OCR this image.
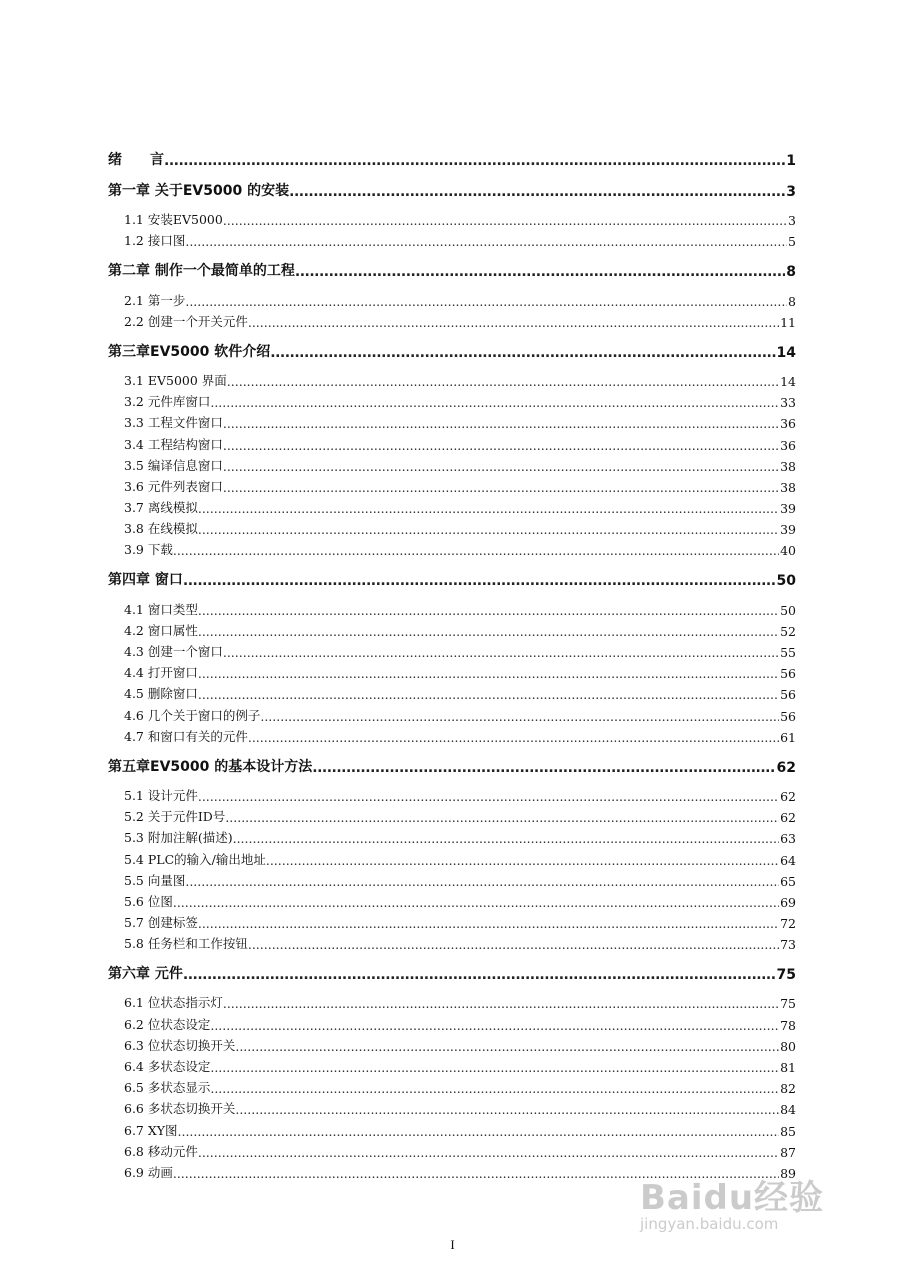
绪　　言 .....	1
第一章 关于EV5000 的安装 .....	3
1.1 安装EV5000 .....	3
1.2 接口图 .....	5
第二章 制作一个最简单的工程 .....	8
2.1 第一步 .....	8
2.2 创建一个开关元件 .....	11
第三章EV5000 软件介绍 .....	14
3.1 EV5000 界面 .....	14
3.2 元件库窗口 .....	33
3.3 工程文件窗口 .....	36
3.4 工程结构窗口 .....	36
3.5 编译信息窗口 .....	38
3.6 元件列表窗口 .....	38
3.7 离线模拟 .....	39
3.8 在线模拟 .....	39
3.9 下载 .....	40
第四章 窗口 .....	50
4.1 窗口类型 .....	50
4.2 窗口属性 .....	52
4.3 创建一个窗口 .....	55
4.4 打开窗口 .....	56
4.5 删除窗口 .....	56
4.6 几个关于窗口的例子 .....	56
4.7 和窗口有关的元件 .....	61
第五章EV5000 的基本设计方法 .....	62
5.1 设计元件 .....	62
5.2 关于元件ID号 .....	62
5.3 附加注解(描述) .....	63
5.4 PLC的输入/输出地址 .....	64
5.5 向量图 .....	65
5.6 位图 .....	69
5.7 创建标签 .....	72
5.8 任务栏和工作按钮 .....	73
第六章 元件 .....	75
6.1 位状态指示灯 .....	75
6.2 位状态设定 .....	78
6.3 位状态切换开关 .....	80
6.4 多状态设定 .....	81
6.5 多状态显示 .....	82
6.6 多状态切换开关 .....	84
6.7 XY图 .....	85
6.8 移动元件 .....	87
6.9 动画 .....	89
Baidu经验
jingyan.baidu.com
I
